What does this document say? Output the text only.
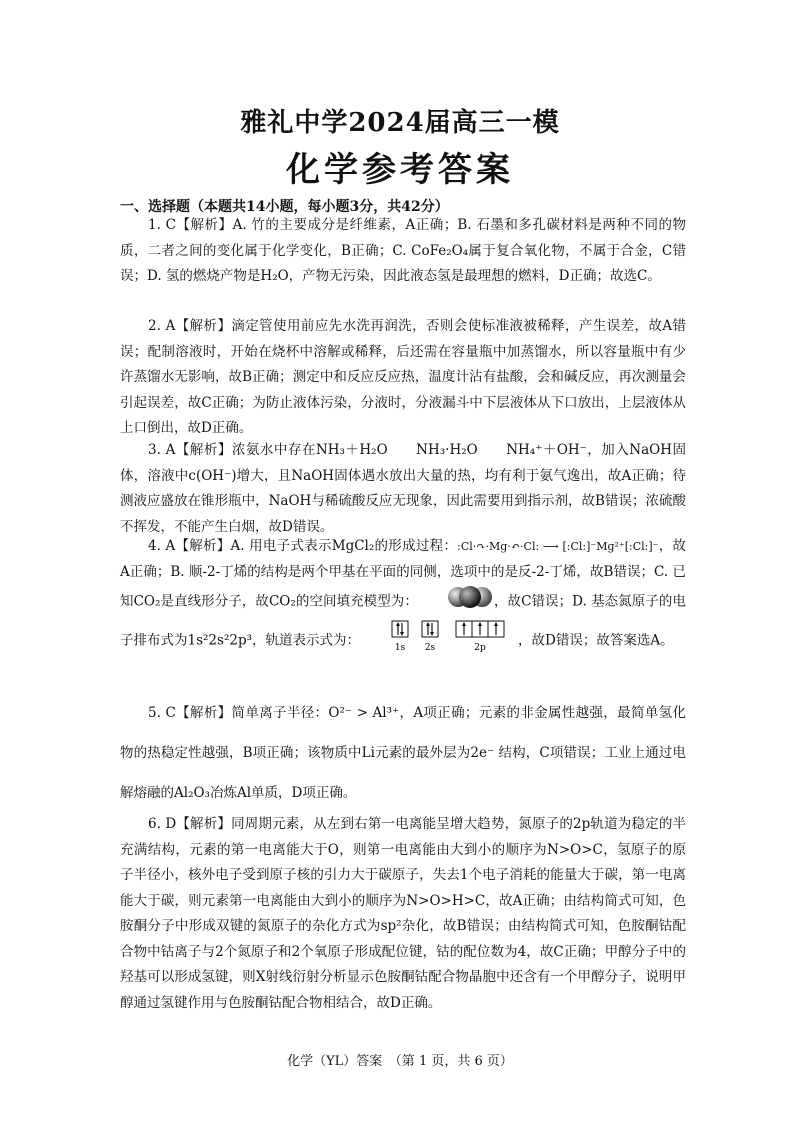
雅礼中学2024届高三一模
化学参考答案
一、选择题（本题共14小题，每小题3分，共42分）

1. C【解析】A. 竹的主要成分是纤维素，A正确；B. 石墨和多孔碳材料是两种不同的物质，二者之间的变化属于化学变化，B正确；C. CoFe₂O₄属于复合氧化物，不属于合金，C错误；D. 氢的燃烧产物是H₂O，产物无污染，因此液态氢是最理想的燃料，D正确；故选C。

2. A【解析】滴定管使用前应先水洗再润洗，否则会使标准液被稀释，产生误差，故A错误；配制溶液时，开始在烧杯中溶解或稀释，后还需在容量瓶中加蒸馏水，所以容量瓶中有少许蒸馏水无影响，故B正确；测定中和反应反应热，温度计沾有盐酸，会和碱反应，再次测量会引起误差，故C正确；为防止液体污染，分液时，分液漏斗中下层液体从下口放出，上层液体从上口倒出，故D正确。

3. A【解析】浓氨水中存在NH₃＋H₂O　　NH₃·H₂O　　NH₄⁺＋OH⁻，加入NaOH固体，溶液中c(OH⁻)增大，且NaOH固体遇水放出大量的热，均有利于氨气逸出，故A正确；待测液应盛放在锥形瓶中，NaOH与稀硫酸反应无现象，因此需要用到指示剂，故B错误；浓硫酸不挥发，不能产生白烟，故D错误。

4. A【解析】A. 用电子式表示MgCl₂的形成过程：:Cl·↷·Mg·↶·Cl: ⟶ [:Cl:]⁻Mg²⁺[:Cl:]⁻，故A正确；B. 顺-2-丁烯的结构是两个甲基在平面的同侧，选项中的是反-2-丁烯，故B错误；C. 已知CO₂是直线形分子，故CO₂的空间填充模型为：	，故C错误；D. 基态氮原子的电子排布式为1s²2s²2p³，轨道表示式为：	1s 2s	2p ，故D错误；故答案选A。

5. C【解析】简单离子半径：O²⁻ > Al³⁺，A项正确；元素的非金属性越强，最简单氢化物的热稳定性越强，B项正确；该物质中Li元素的最外层为2e⁻ 结构，C项错误；工业上通过电解熔融的Al₂O₃冶炼Al单质，D项正确。

6. D【解析】同周期元素，从左到右第一电离能呈增大趋势，氮原子的2p轨道为稳定的半充满结构，元素的第一电离能大于O，则第一电离能由大到小的顺序为N>O>C，氢原子的原子半径小，核外电子受到原子核的引力大于碳原子，失去1个电子消耗的能量大于碳，第一电离能大于碳，则元素第一电离能由大到小的顺序为N>O>H>C，故A正确；由结构简式可知，色胺酮分子中形成双键的氮原子的杂化方式为sp²杂化，故B错误；由结构简式可知，色胺酮钴配合物中钴离子与2个氮原子和2个氧原子形成配位键，钴的配位数为4，故C正确；甲醇分子中的羟基可以形成氢键，则X射线衍射分析显示色胺酮钴配合物晶胞中还含有一个甲醇分子，说明甲醇通过氢键作用与色胺酮钴配合物相结合，故D正确。

化学（YL）答案　（第 1 页，共 6 页）
